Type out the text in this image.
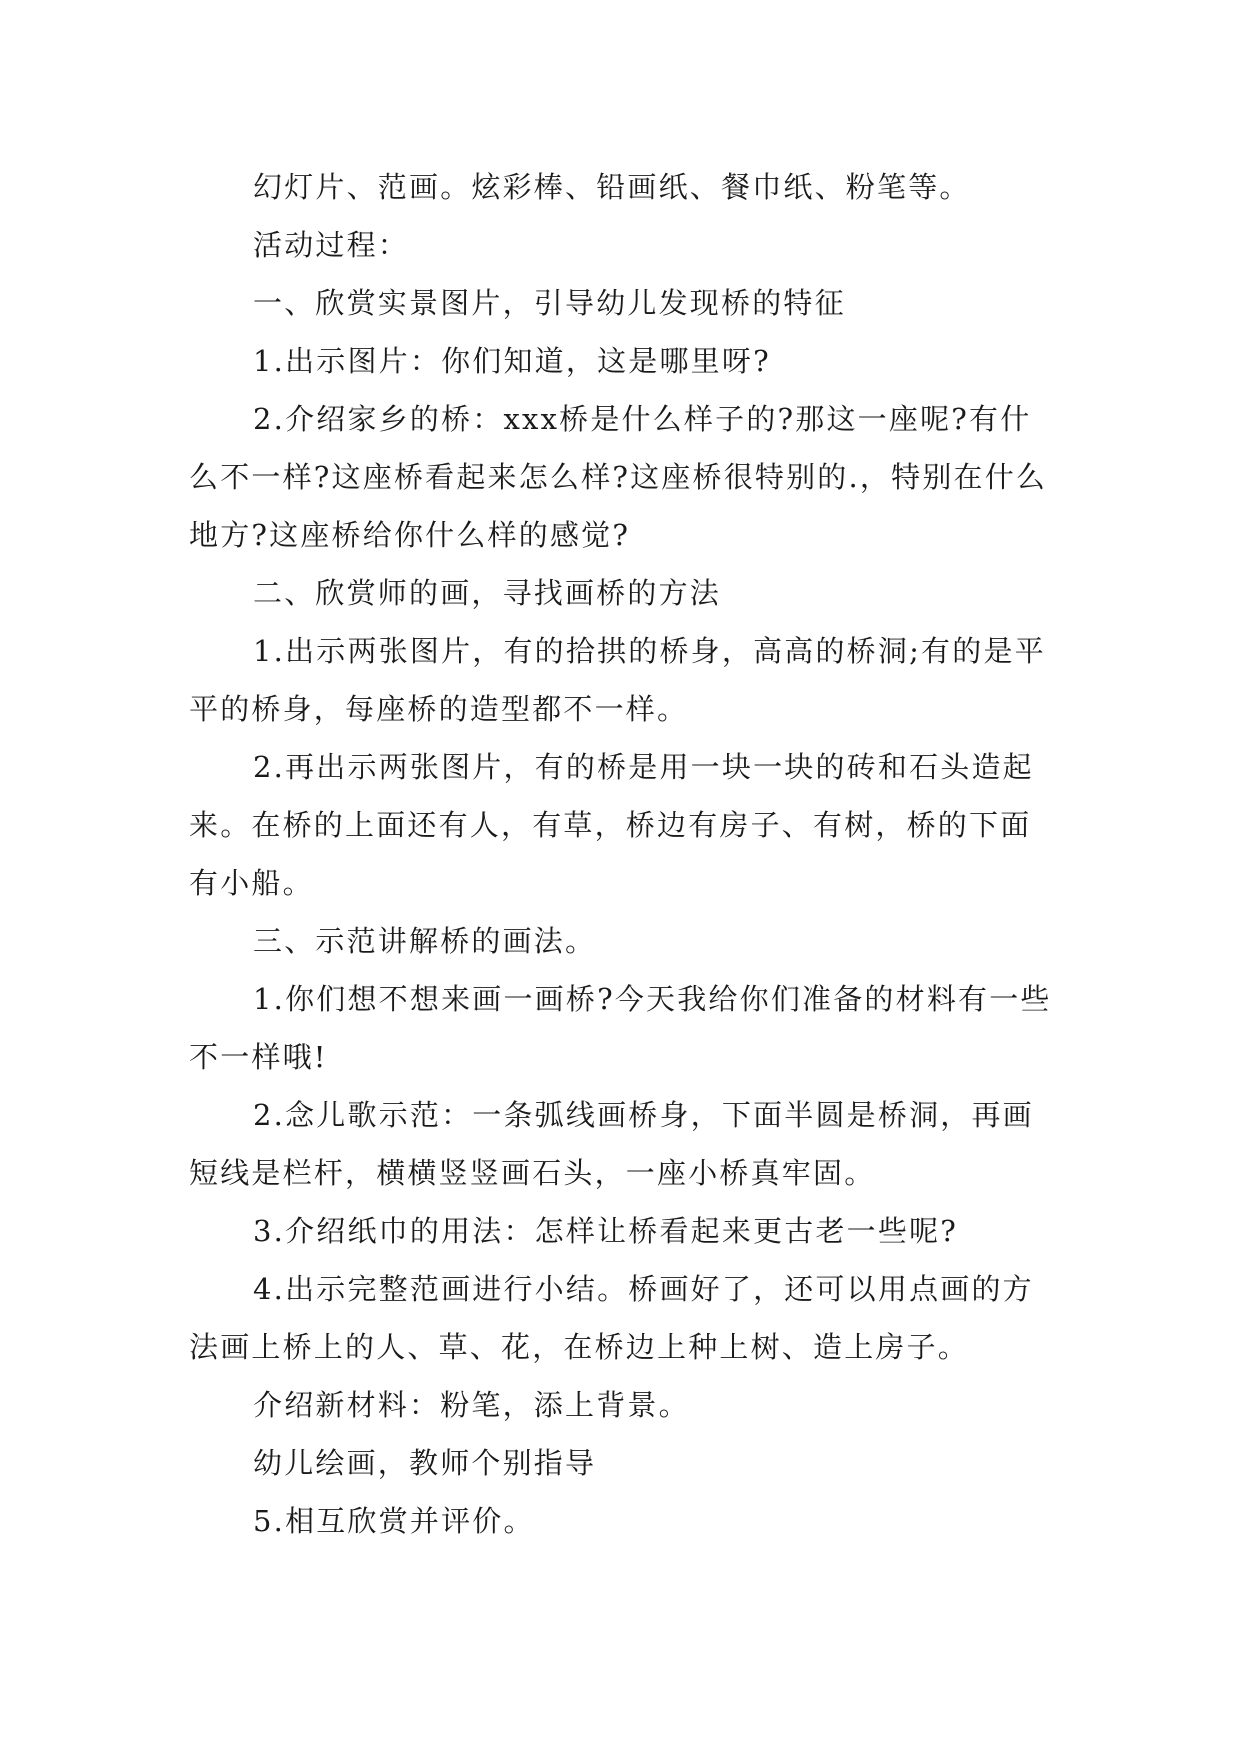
幻灯片、范画。炫彩棒、铅画纸、餐巾纸、粉笔等。

活动过程：

一、欣赏实景图片，引导幼儿发现桥的特征

1.出示图片：你们知道，这是哪里呀?

2.介绍家乡的桥：xxx桥是什么样子的?那这一座呢?有什么不一样?这座桥看起来怎么样?这座桥很特别的.，特别在什么地方?这座桥给你什么样的感觉?

二、欣赏师的画，寻找画桥的方法

1.出示两张图片，有的拾拱的桥身，高高的桥洞;有的是平平的桥身，每座桥的造型都不一样。

2.再出示两张图片，有的桥是用一块一块的砖和石头造起来。在桥的上面还有人，有草，桥边有房子、有树，桥的下面有小船。

三、示范讲解桥的画法。

1.你们想不想来画一画桥?今天我给你们准备的材料有一些不一样哦!

2.念儿歌示范：一条弧线画桥身，下面半圆是桥洞，再画短线是栏杆，横横竖竖画石头，一座小桥真牢固。

3.介绍纸巾的用法：怎样让桥看起来更古老一些呢?

4.出示完整范画进行小结。桥画好了，还可以用点画的方法画上桥上的人、草、花，在桥边上种上树、造上房子。

介绍新材料：粉笔，添上背景。

幼儿绘画，教师个别指导

5.相互欣赏并评价。
